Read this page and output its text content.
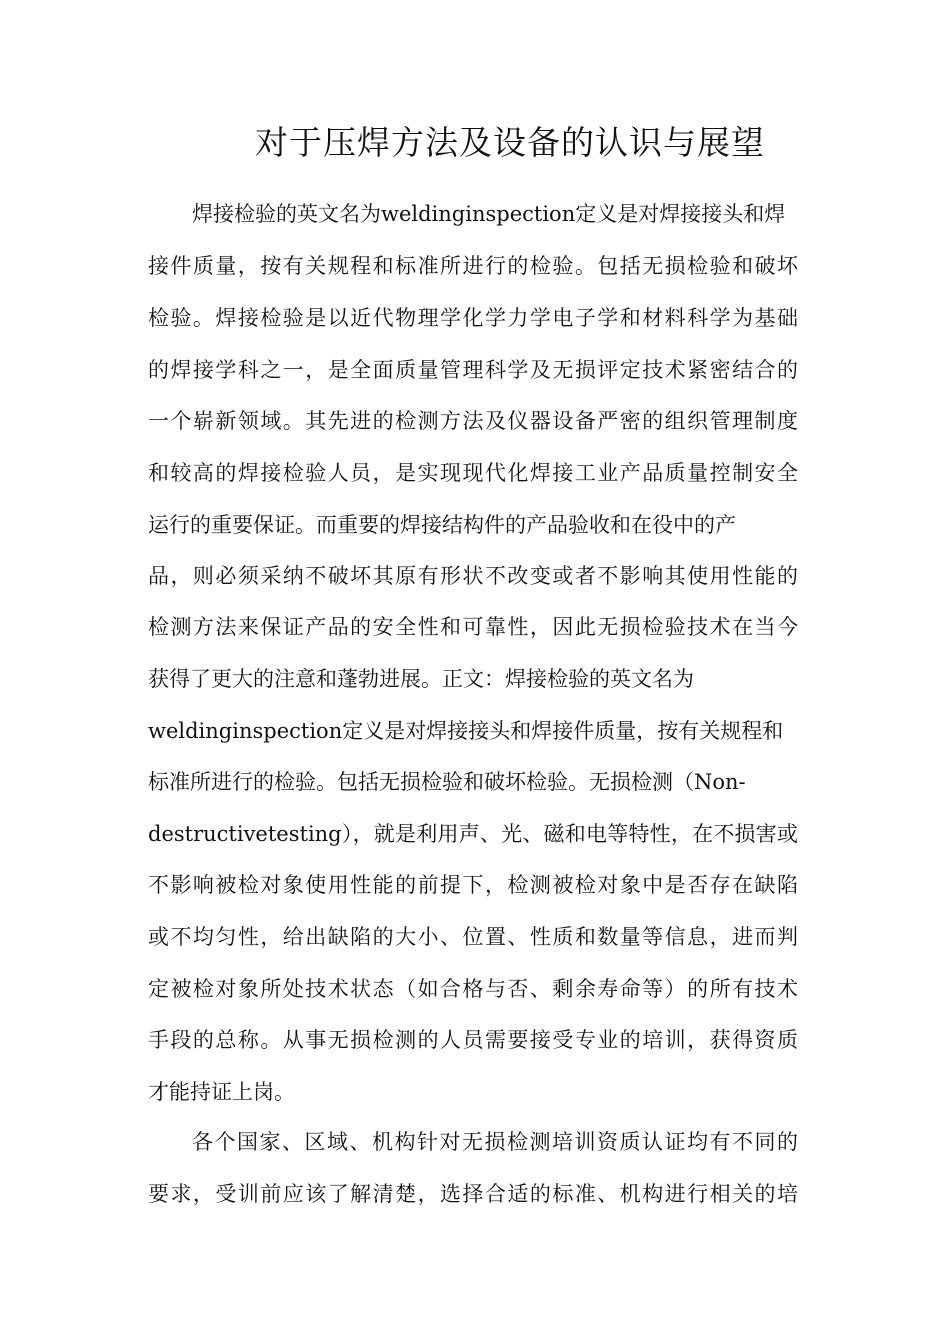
对于压焊方法及设备的认识与展望
焊接检验的英文名为weldinginspection定义是对焊接接头和焊
接件质量，按有关规程和标准所进行的检验。包括无损检验和破坏
检验。焊接检验是以近代物理学化学力学电子学和材料科学为基础
的焊接学科之一，是全面质量管理科学及无损评定技术紧密结合的
一个崭新领域。其先进的检测方法及仪器设备严密的组织管理制度
和较高的焊接检验人员，是实现现代化焊接工业产品质量控制安全
运行的重要保证。而重要的焊接结构件的产品验收和在役中的产
品，则必须采纳不破坏其原有形状不改变或者不影响其使用性能的
检测方法来保证产品的安全性和可靠性，因此无损检验技术在当今
获得了更大的注意和蓬勃进展。正文：焊接检验的英文名为
weldinginspection定义是对焊接接头和焊接件质量，按有关规程和
标准所进行的检验。包括无损检验和破坏检验。无损检测（Non-
destructivetesting），就是利用声、光、磁和电等特性，在不损害或
不影响被检对象使用性能的前提下，检测被检对象中是否存在缺陷
或不均匀性，给出缺陷的大小、位置、性质和数量等信息，进而判
定被检对象所处技术状态（如合格与否、剩余寿命等）的所有技术
手段的总称。从事无损检测的人员需要接受专业的培训，获得资质
才能持证上岗。
各个国家、区域、机构针对无损检测培训资质认证均有不同的
要求，受训前应该了解清楚，选择合适的标准、机构进行相关的培
